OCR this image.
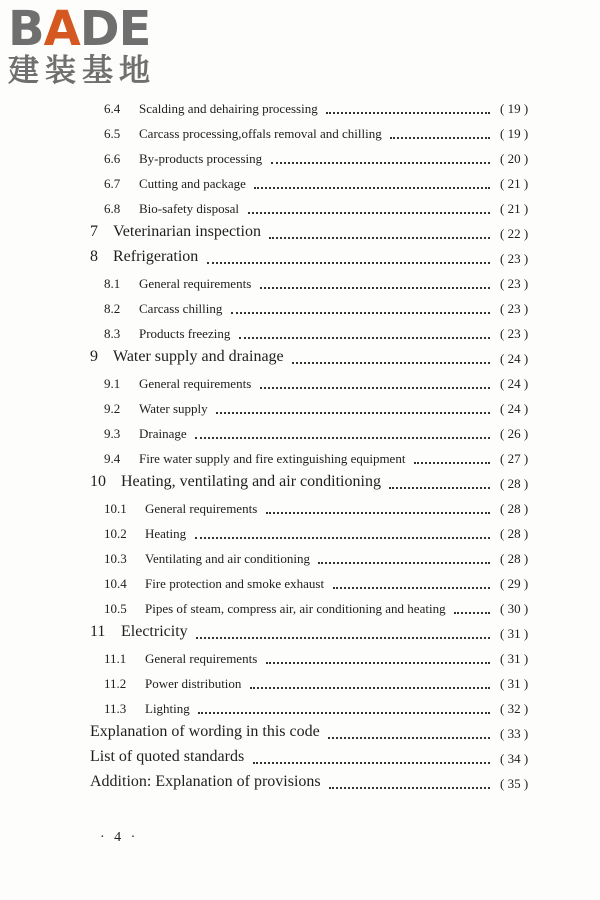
BADE
建装基地
6.4 Scalding and dehairing processing	( 19 )
6.5 Carcass processing,offals removal and chilling	( 19 )
6.6 By-products processing	( 20 )
6.7 Cutting and package	( 21 )
6.8 Bio-safety disposal	( 21 )
7 Veterinarian inspection	( 22 )
8 Refrigeration	( 23 )
8.1 General requirements	( 23 )
8.2 Carcass chilling	( 23 )
8.3 Products freezing	( 23 )
9 Water supply and drainage	( 24 )
9.1 General requirements	( 24 )
9.2 Water supply	( 24 )
9.3 Drainage	( 26 )
9.4 Fire water supply and fire extinguishing equipment	( 27 )
10 Heating, ventilating and air conditioning	( 28 )
10.1 General requirements	( 28 )
10.2 Heating	( 28 )
10.3 Ventilating and air conditioning	( 28 )
10.4 Fire protection and smoke exhaust	( 29 )
10.5 Pipes of steam, compress air, air conditioning and heating	( 30 )
11 Electricity	( 31 )
11.1 General requirements	( 31 )
11.2 Power distribution	( 31 )
11.3 Lighting	( 32 )
Explanation of wording in this code	( 33 )
List of quoted standards	( 34 )
Addition: Explanation of provisions	( 35 )
· 4 ·
